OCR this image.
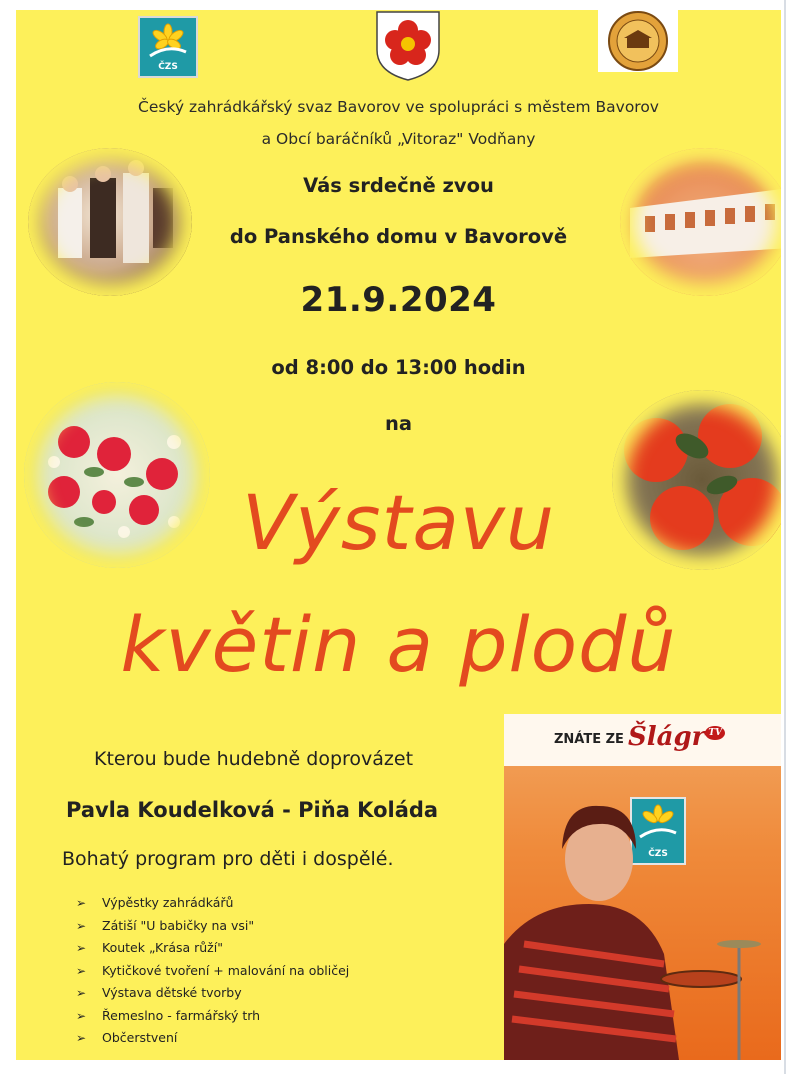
ČZS
Český zahrádkářský svaz Bavorov ve spolupráci s městem Bavorov
a Obcí baráčníků „Vitoraz" Vodňany
Vás srdečně zvou
do Panského domu v Bavorově
21.9.2024
od 8:00 do 13:00 hodin
na
Výstavu
květin a plodů
Kterou bude hudebně doprovázet
Pavla Koudelková - Piňa Koláda
Bohatý program pro děti i dospělé.
➢ Výpěstky zahrádkářů
➢ Zátiší "U babičky na vsi"
➢ Koutek „Krása růží"
➢ Kytičkové tvoření + malování na obličej
➢ Výstava dětské tvorby
➢ Řemeslno - farmářský trh
➢ Občerstvení
ZNÁTE ZE Šlágr $^{TV}$
ČZS
